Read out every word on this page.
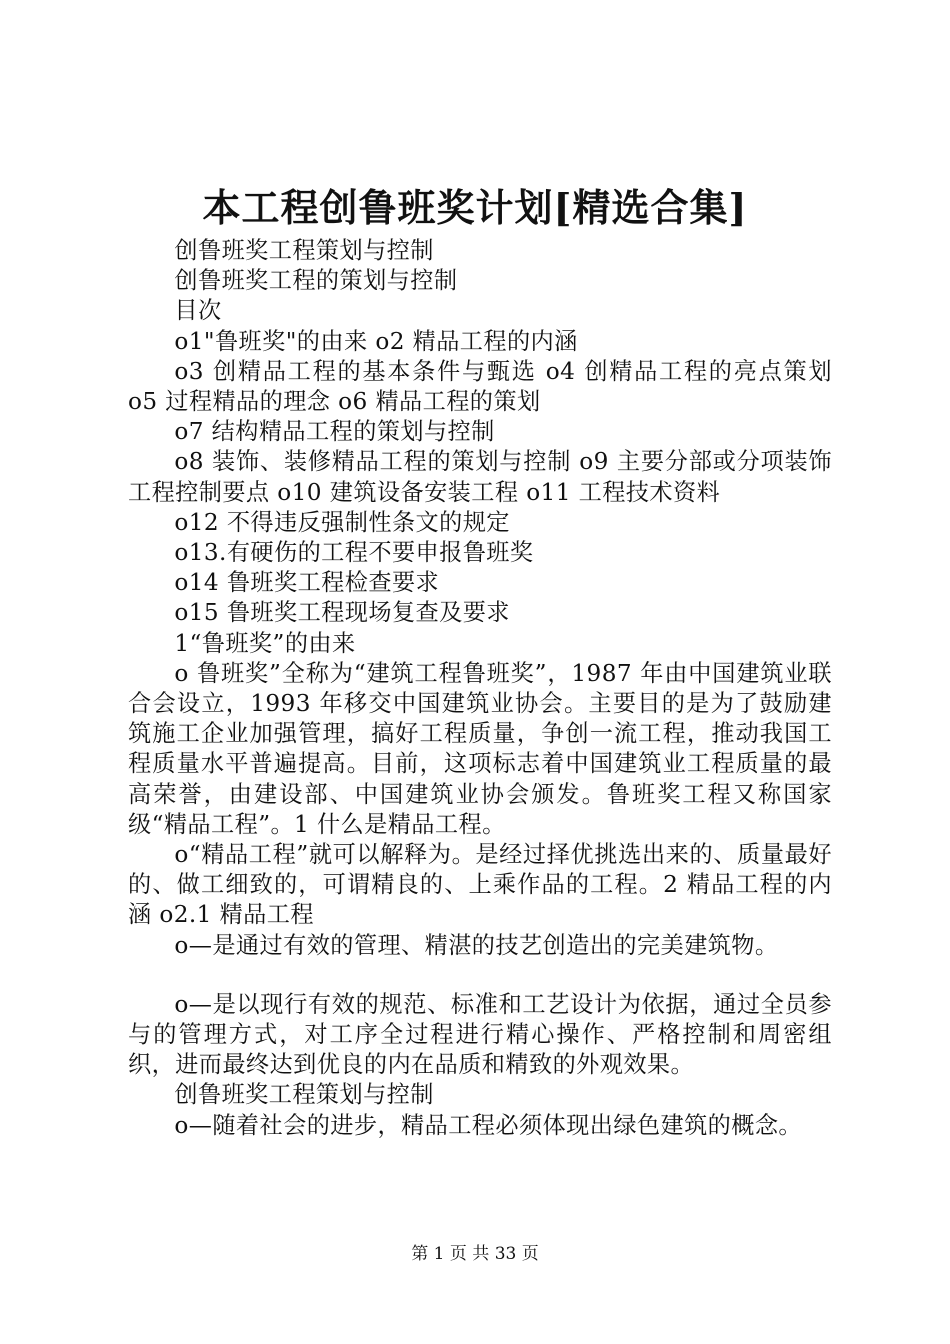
本工程创鲁班奖计划[精选合集]

创鲁班奖工程策划与控制

创鲁班奖工程的策划与控制

目次

o1"鲁班奖"的由来 o2 精品工程的内涵

o3 创精品工程的基本条件与甄选 o4 创精品工程的亮点策划 o5 过程精品的理念 o6 精品工程的策划

o7 结构精品工程的策划与控制

o8 装饰、装修精品工程的策划与控制 o9 主要分部或分项装饰工程控制要点 o10 建筑设备安装工程 o11 工程技术资料

o12 不得违反强制性条文的规定

o13.有硬伤的工程不要申报鲁班奖

o14 鲁班奖工程检查要求

o15 鲁班奖工程现场复查及要求

1“鲁班奖”的由来

o 鲁班奖”全称为“建筑工程鲁班奖”，1987 年由中国建筑业联合会设立，1993 年移交中国建筑业协会。主要目的是为了鼓励建筑施工企业加强管理，搞好工程质量，争创一流工程，推动我国工程质量水平普遍提高。目前，这项标志着中国建筑业工程质量的最高荣誉，由建设部、中国建筑业协会颁发。鲁班奖工程又称国家级“精品工程”。1 什么是精品工程。

o“精品工程”就可以解释为。是经过择优挑选出来的、质量最好的、做工细致的，可谓精良的、上乘作品的工程。2 精品工程的内涵 o2.1 精品工程

o—是通过有效的管理、精湛的技艺创造出的完美建筑物。

o—是以现行有效的规范、标准和工艺设计为依据，通过全员参与的管理方式，对工序全过程进行精心操作、严格控制和周密组织，进而最终达到优良的内在品质和精致的外观效果。

创鲁班奖工程策划与控制

o—随着社会的进步，精品工程必须体现出绿色建筑的概念。

第 1 页 共 33 页
